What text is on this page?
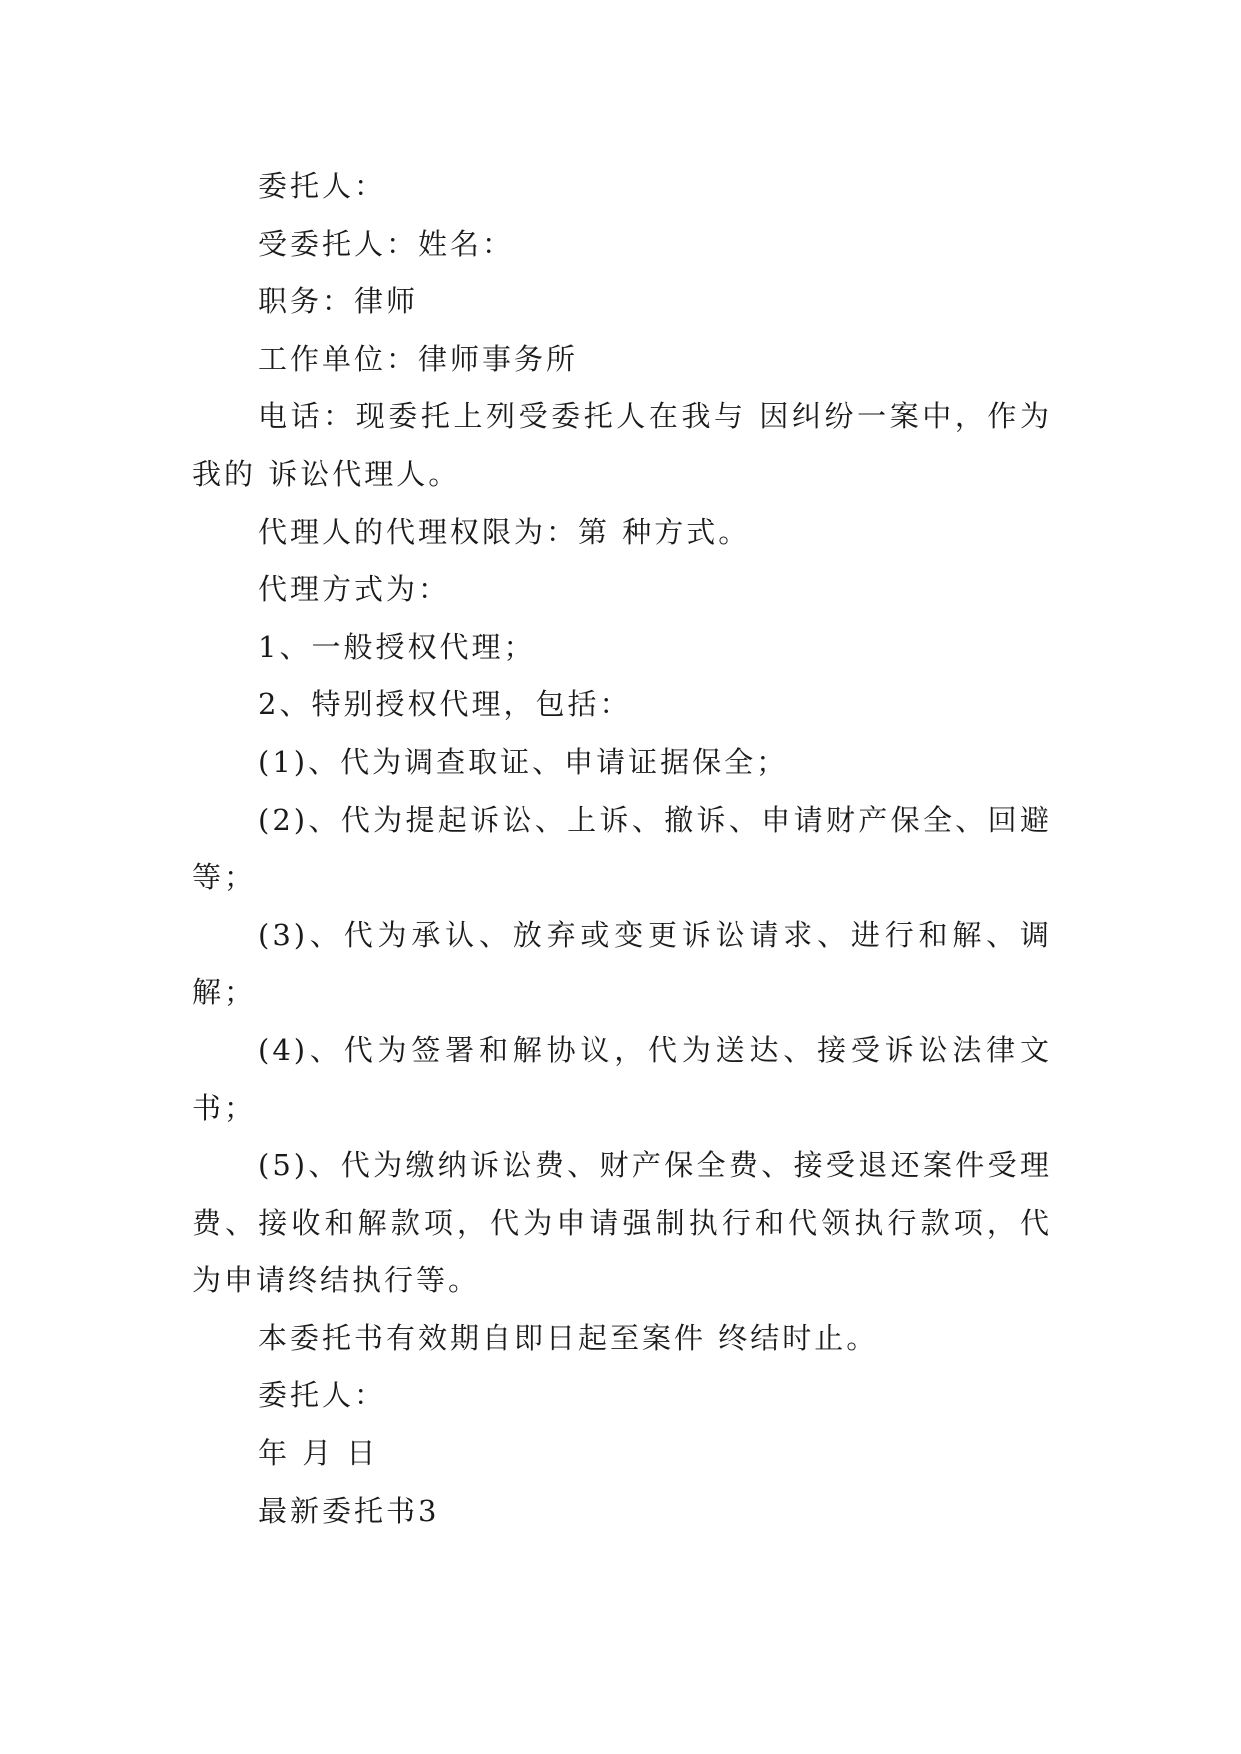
委托人：

受委托人：姓名：

职务：律师

工作单位：律师事务所

电话：现委托上列受委托人在我与 因纠纷一案中，作为我的 诉讼代理人。

代理人的代理权限为：第 种方式。

代理方式为：

1、一般授权代理；

2、特别授权代理，包括：

(1)、代为调查取证、申请证据保全；

(2)、代为提起诉讼、上诉、撤诉、申请财产保全、回避等；

(3)、代为承认、放弃或变更诉讼请求、进行和解、调解；

(4)、代为签署和解协议，代为送达、接受诉讼法律文书；

(5)、代为缴纳诉讼费、财产保全费、接受退还案件受理费、接收和解款项，代为申请强制执行和代领执行款项，代为申请终结执行等。

本委托书有效期自即日起至案件 终结时止。

委托人：

年 月 日

最新委托书3
